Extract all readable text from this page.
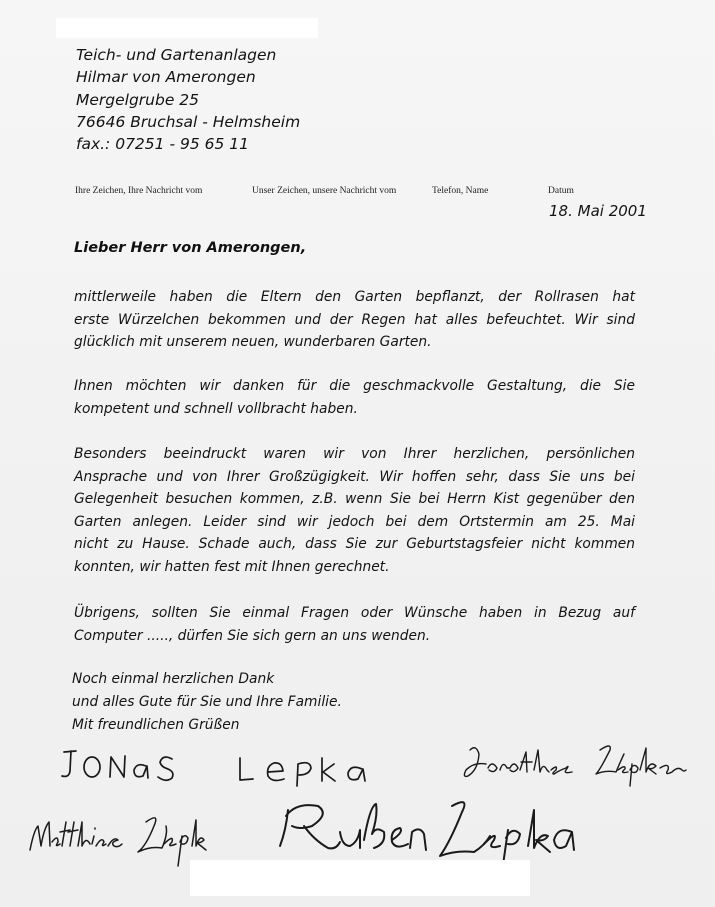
Teich- und Gartenanlagen
Hilmar von Amerongen
Mergelgrube 25
76646 Bruchsal - Helmsheim
fax.: 07251 - 95 65 11
Ihre Zeichen, Ihre Nachricht vom	Unser Zeichen, unsere Nachricht vom	Telefon, Name	Datum
18. Mai 2001
Lieber Herr von Amerongen,
mittlerweile haben die Eltern den Garten bepflanzt, der Rollrasen hat
erste Würzelchen bekommen und der Regen hat alles befeuchtet. Wir sind
glücklich mit unserem neuen, wunderbaren Garten.
Ihnen möchten wir danken für die geschmackvolle Gestaltung, die Sie
kompetent und schnell vollbracht haben.
Besonders beeindruckt waren wir von Ihrer herzlichen, persönlichen
Ansprache und von Ihrer Großzügigkeit. Wir hoffen sehr, dass Sie uns bei
Gelegenheit besuchen kommen, z.B. wenn Sie bei Herrn Kist gegenüber den
Garten anlegen. Leider sind wir jedoch bei dem Ortstermin am 25. Mai
nicht zu Hause. Schade auch, dass Sie zur Geburtstagsfeier nicht kommen
konnten, wir hatten fest mit Ihnen gerechnet.
Übrigens, sollten Sie einmal Fragen oder Wünsche haben in Bezug auf
Computer ....., dürfen Sie sich gern an uns wenden.
Noch einmal herzlichen Dank
und alles Gute für Sie und Ihre Familie.
Mit freundlichen Grüßen
